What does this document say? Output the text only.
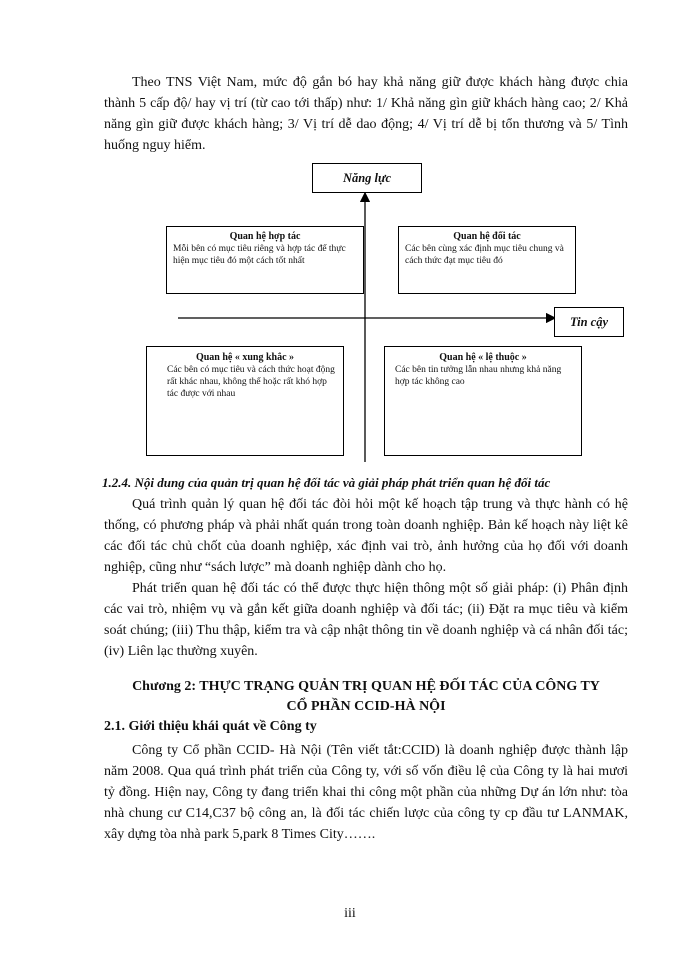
Theo TNS Việt Nam, mức độ gắn bó hay khả năng giữ được khách hàng được chia thành 5 cấp độ/ hay vị trí (từ cao tới thấp) như: 1/ Khả năng gìn giữ khách hàng cao; 2/ Khả năng gìn giữ được khách hàng; 3/ Vị trí dễ dao động; 4/ Vị trí dễ bị tổn thương và 5/ Tình huống nguy hiểm.

Năng lực
Tin cậy
Quan hệ hợp tác
Mỗi bên có mục tiêu riêng và hợp tác để thực hiện mục tiêu đó một cách tốt nhất
Quan hệ đối tác
Các bên cùng xác định mục tiêu chung và cách thức đạt mục tiêu đó
Quan hệ « xung khắc »
Các bên có mục tiêu và cách thức hoạt động rất khác nhau, không thể hoặc rất khó hợp tác được với nhau
Quan hệ « lệ thuộc »
Các bên tin tưởng lẫn nhau nhưng khả năng hợp tác không cao
1.2.4. Nội dung của quản trị quan hệ đối tác và giải pháp phát triển quan hệ đối tác

Quá trình quản lý quan hệ đối tác đòi hỏi một kế hoạch tập trung và thực hành có hệ thống, có phương pháp và phải nhất quán trong toàn doanh nghiệp. Bản kế hoạch này liệt kê các đối tác chủ chốt của doanh nghiệp, xác định vai trò, ảnh hưởng của họ đối với doanh nghiệp, cũng như “sách lược” mà doanh nghiệp dành cho họ.

Phát triển quan hệ đối tác có thể được thực hiện thông một số giải pháp: (i) Phân định các vai trò, nhiệm vụ và gắn kết giữa doanh nghiệp và đối tác; (ii) Đặt ra mục tiêu và kiểm soát chúng; (iii) Thu thập, kiểm tra và cập nhật thông tin về doanh nghiệp và cá nhân đối tác; (iv) Liên lạc thường xuyên.

Chương 2: THỰC TRẠNG QUẢN TRỊ QUAN HỆ ĐỐI TÁC CỦA CÔNG TY
CỔ PHẦN CCID-HÀ NỘI
2.1. Giới thiệu khái quát về Công ty

Công ty Cổ phần CCID- Hà Nội (Tên viết tắt:CCID) là doanh nghiệp được thành lập năm 2008. Qua quá trình phát triển của Công ty, với số vốn điều lệ của Công ty là hai mươi tỷ đồng. Hiện nay, Công ty đang triển khai thi công một phần của những Dự án lớn như: tòa nhà chung cư C14,C37 bộ công an, là đối tác chiến lược của công ty cp đầu tư LANMAK, xây dựng tòa nhà park 5,park 8 Times City…….

iii
